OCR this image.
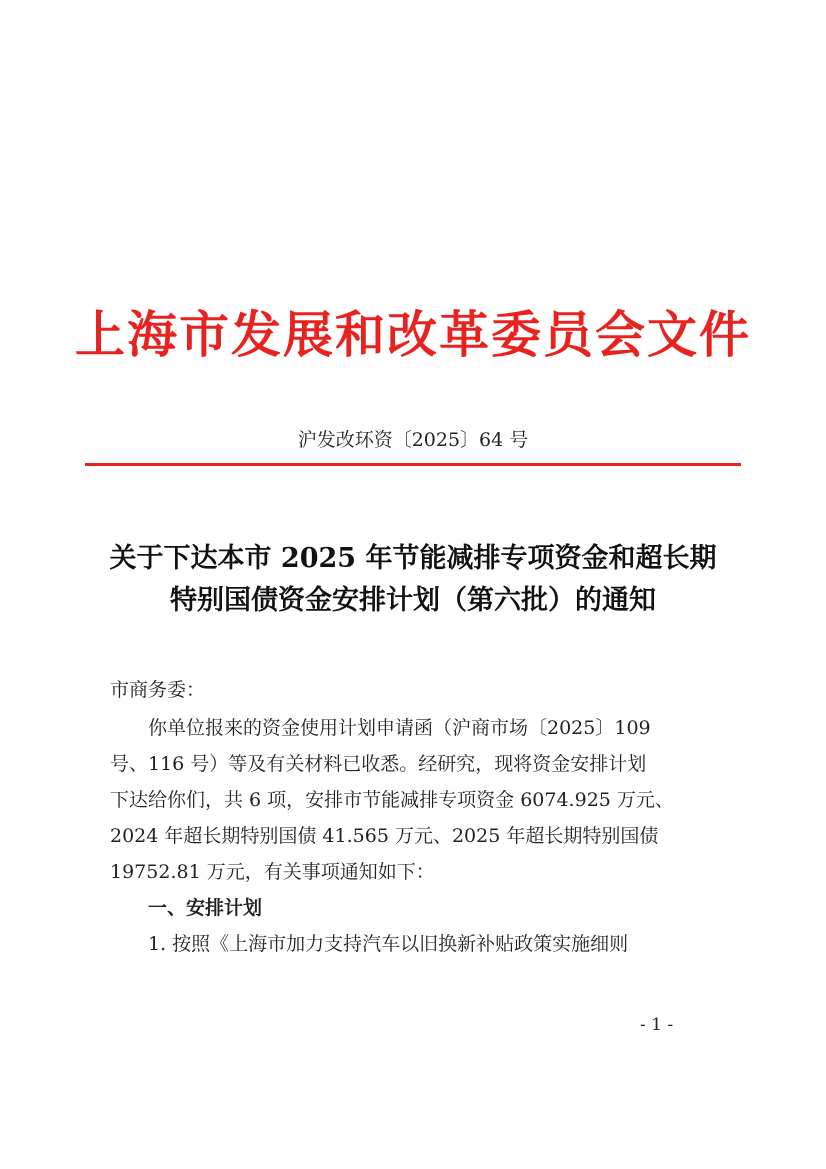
上海市发展和改革委员会文件
沪发改环资〔2025〕64 号
关于下达本市 2025 年节能减排专项资金和超长期
特别国债资金安排计划（第六批）的通知

市商务委：

你单位报来的资金使用计划申请函（沪商市场〔2025〕109
号、116 号）等及有关材料已收悉。经研究，现将资金安排计划
下达给你们，共 6 项，安排市节能减排专项资金 6074.925 万元、
2024 年超长期特别国债 41.565 万元、2025 年超长期特别国债
19752.81 万元，有关事项通知如下：

一、安排计划

1. 按照《上海市加力支持汽车以旧换新补贴政策实施细则

- 1 -
